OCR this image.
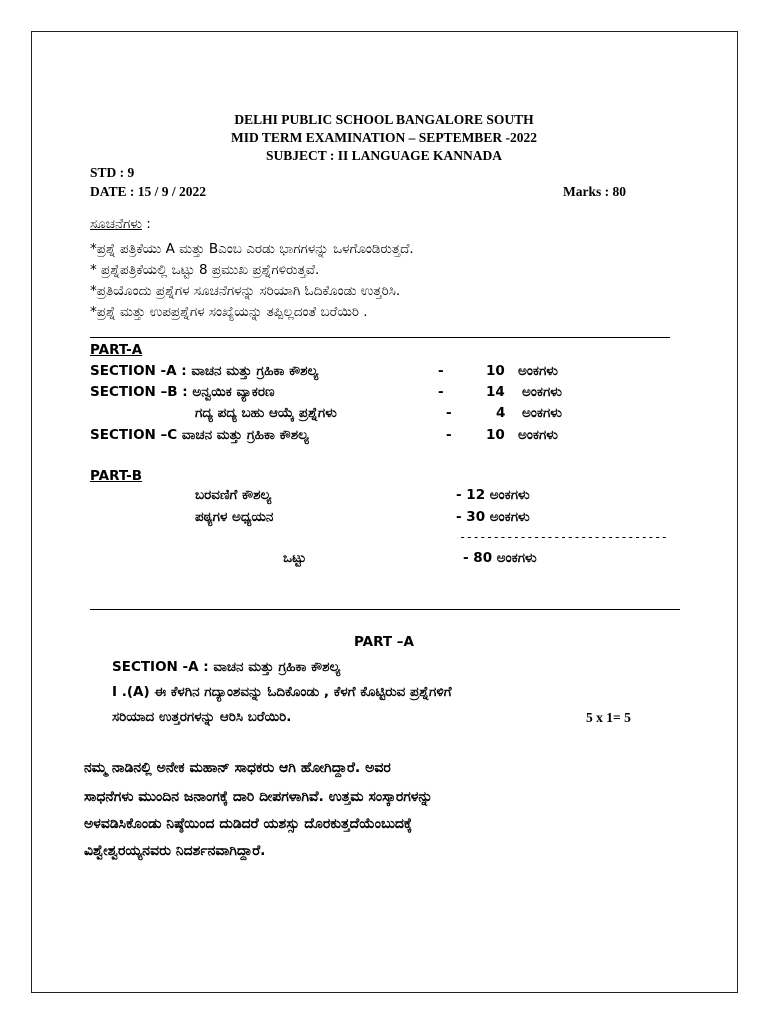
DELHI PUBLIC SCHOOL BANGALORE SOUTH
MID TERM EXAMINATION – SEPTEMBER -2022
SUBJECT : II LANGUAGE KANNADA
STD : 9
DATE : 15 / 9 / 2022	Marks : 80
ಸೂಚನೆಗಳು :
*ಪ್ರಶ್ನೆ ಪತ್ರಿಕೆಯು A ಮತ್ತು Bಎಂಬ ಎರಡು ಭಾಗಗಳನ್ನು ಒಳಗೊಂಡಿರುತ್ತದೆ.
* ಪ್ರಶ್ನೆಪತ್ರಿಕೆಯಲ್ಲಿ ಒಟ್ಟು 8 ಪ್ರಮುಖ ಪ್ರಶ್ನೆಗಳಿರುತ್ತವೆ.
*ಪ್ರತಿಯೊಂದು ಪ್ರಶ್ನೆಗಳ ಸೂಚನೆಗಳನ್ನು ಸರಿಯಾಗಿ ಓದಿಕೊಂಡು ಉತ್ತರಿಸಿ.
*ಪ್ರಶ್ನೆ ಮತ್ತು ಉಪಪ್ರಶ್ನೆಗಳ ಸಂಖ್ಯೆಯನ್ನು ತಪ್ಪಿಲ್ಲದಂತೆ ಬರೆಯಿರಿ .
PART-A
SECTION -A : ವಾಚನ ಮತ್ತು ಗ್ರಹಿಕಾ ಕೌಶಲ್ಯ	-	10 ಅಂಕಗಳು
SECTION –B : ಅನ್ವಯಿಕ ವ್ಯಾಕರಣ	-	14 ಅಂಕಗಳು
ಗದ್ಯ ಪದ್ಯ ಬಹು ಆಯ್ಕೆ ಪ್ರಶ್ನೆಗಳು	-	4 ಅಂಕಗಳು
SECTION –C ವಾಚನ ಮತ್ತು ಗ್ರಹಿಕಾ ಕೌಶಲ್ಯ	-	10 ಅಂಕಗಳು
PART-B
ಬರವಣಿಗೆ ಕೌಶಲ್ಯ	- 12 ಅಂಕಗಳು
ಪಠ್ಯಗಳ ಅಧ್ಯಯನ	- 30 ಅಂಕಗಳು
-------------------------------
ಒಟ್ಟು	- 80 ಅಂಕಗಳು
PART –A
SECTION -A : ವಾಚನ ಮತ್ತು ಗ್ರಹಿಕಾ ಕೌಶಲ್ಯ
I .(A) ಈ ಕೆಳಗಿನ ಗದ್ಯಾಂಶವನ್ನು ಓದಿಕೊಂಡು , ಕೆಳಗೆ ಕೊಟ್ಟಿರುವ ಪ್ರಶ್ನೆಗಳಿಗೆ
ಸರಿಯಾದ ಉತ್ತರಗಳನ್ನು ಆರಿಸಿ ಬರೆಯಿರಿ.	5 x 1= 5
ನಮ್ಮ ನಾಡಿನಲ್ಲಿ ಅನೇಕ ಮಹಾನ್ ಸಾಧಕರು ಆಗಿ ಹೋಗಿದ್ದಾರೆ. ಅವರ
ಸಾಧನೆಗಳು ಮುಂದಿನ ಜನಾಂಗಕ್ಕೆ ದಾರಿ ದೀಪಗಳಾಗಿವೆ. ಉತ್ತಮ ಸಂಸ್ಕಾರಗಳನ್ನು
ಅಳವಡಿಸಿಕೊಂಡು ನಿಷ್ಠೆಯಿಂದ ದುಡಿದರೆ ಯಶಸ್ಸು ದೊರಕುತ್ತದೆಯೆಂಬುದಕ್ಕೆ
ವಿಶ್ವೇಶ್ವರಯ್ಯನವರು ನಿದರ್ಶನವಾಗಿದ್ದಾರೆ.
